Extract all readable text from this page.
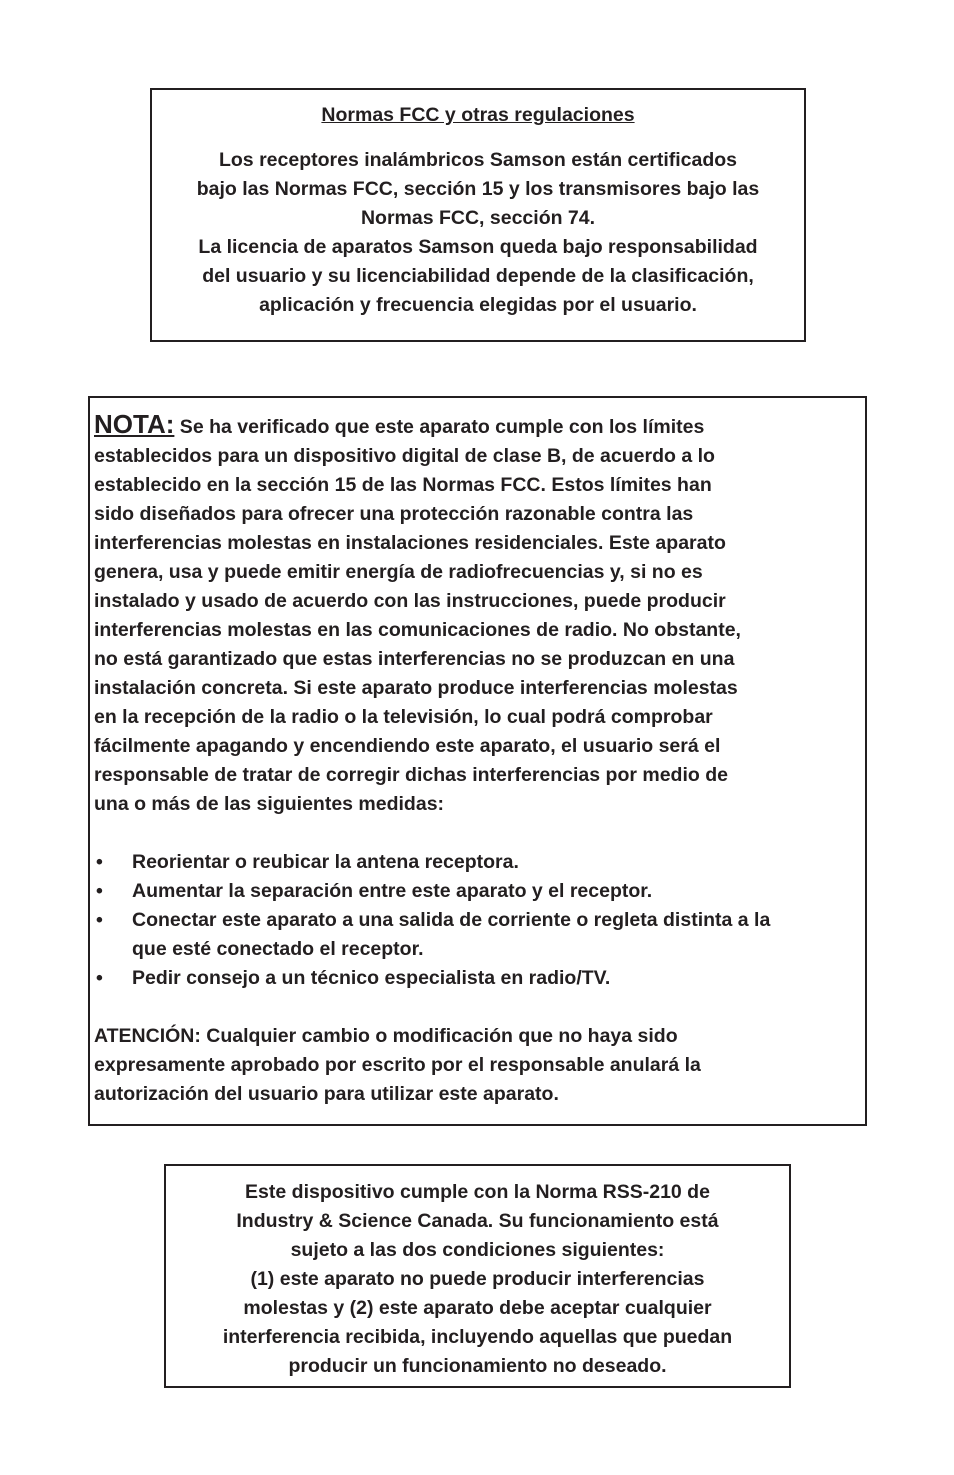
Normas FCC y otras regulaciones
Los receptores inalámbricos Samson están certificados
bajo las Normas FCC, sección 15 y los transmisores bajo las
Normas FCC, sección 74.
La licencia de aparatos Samson queda bajo responsabilidad
del usuario y su licenciabilidad depende de la clasificación,
aplicación y frecuencia elegidas por el usuario.
NOTA: Se ha verificado que este aparato cumple con los límites
establecidos para un dispositivo digital de clase B, de acuerdo a lo
establecido en la sección 15 de las Normas FCC. Estos límites han
sido diseñados para ofrecer una protección razonable contra las
interferencias molestas en instalaciones residenciales. Este aparato
genera, usa y puede emitir energía de radiofrecuencias y, si no es
instalado y usado de acuerdo con las instrucciones, puede producir
interferencias molestas en las comunicaciones de radio. No obstante,
no está garantizado que estas interferencias no se produzcan en una
instalación concreta. Si este aparato produce interferencias molestas
en la recepción de la radio o la televisión, lo cual podrá comprobar
fácilmente apagando y encendiendo este aparato, el usuario será el
responsable de tratar de corregir dichas interferencias por medio de
una o más de las siguientes medidas:
• Reorientar o reubicar la antena receptora.
• Aumentar la separación entre este aparato y el receptor.
• Conectar este aparato a una salida de corriente o regleta distinta a la
que esté conectado el receptor.
• Pedir consejo a un técnico especialista en radio/TV.
ATENCIÓN: Cualquier cambio o modificación que no haya sido
expresamente aprobado por escrito por el responsable anulará la
autorización del usuario para utilizar este aparato.
Este dispositivo cumple con la Norma RSS-210 de
Industry & Science Canada. Su funcionamiento está
sujeto a las dos condiciones siguientes:
(1) este aparato no puede producir interferencias
molestas y (2) este aparato debe aceptar cualquier
interferencia recibida, incluyendo aquellas que puedan
producir un funcionamiento no deseado.
